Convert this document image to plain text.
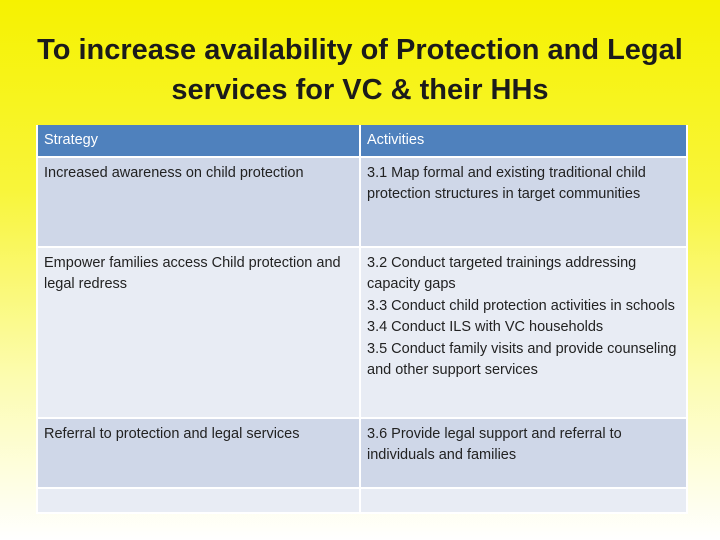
To increase availability of Protection and Legal
services for VC & their HHs
Strategy	Activities
Increased awareness on child protection	3.1 Map formal and existing traditional child protection structures in target communities

Empower families access Child protection and legal redress	3.2 Conduct targeted trainings addressing capacity gaps
3.3 Conduct child protection activities in schools
3.4 Conduct ILS with VC households
3.5 Conduct family visits and provide counseling and other support services

Referral to protection and legal services	3.6 Provide legal support and referral to individuals and families
